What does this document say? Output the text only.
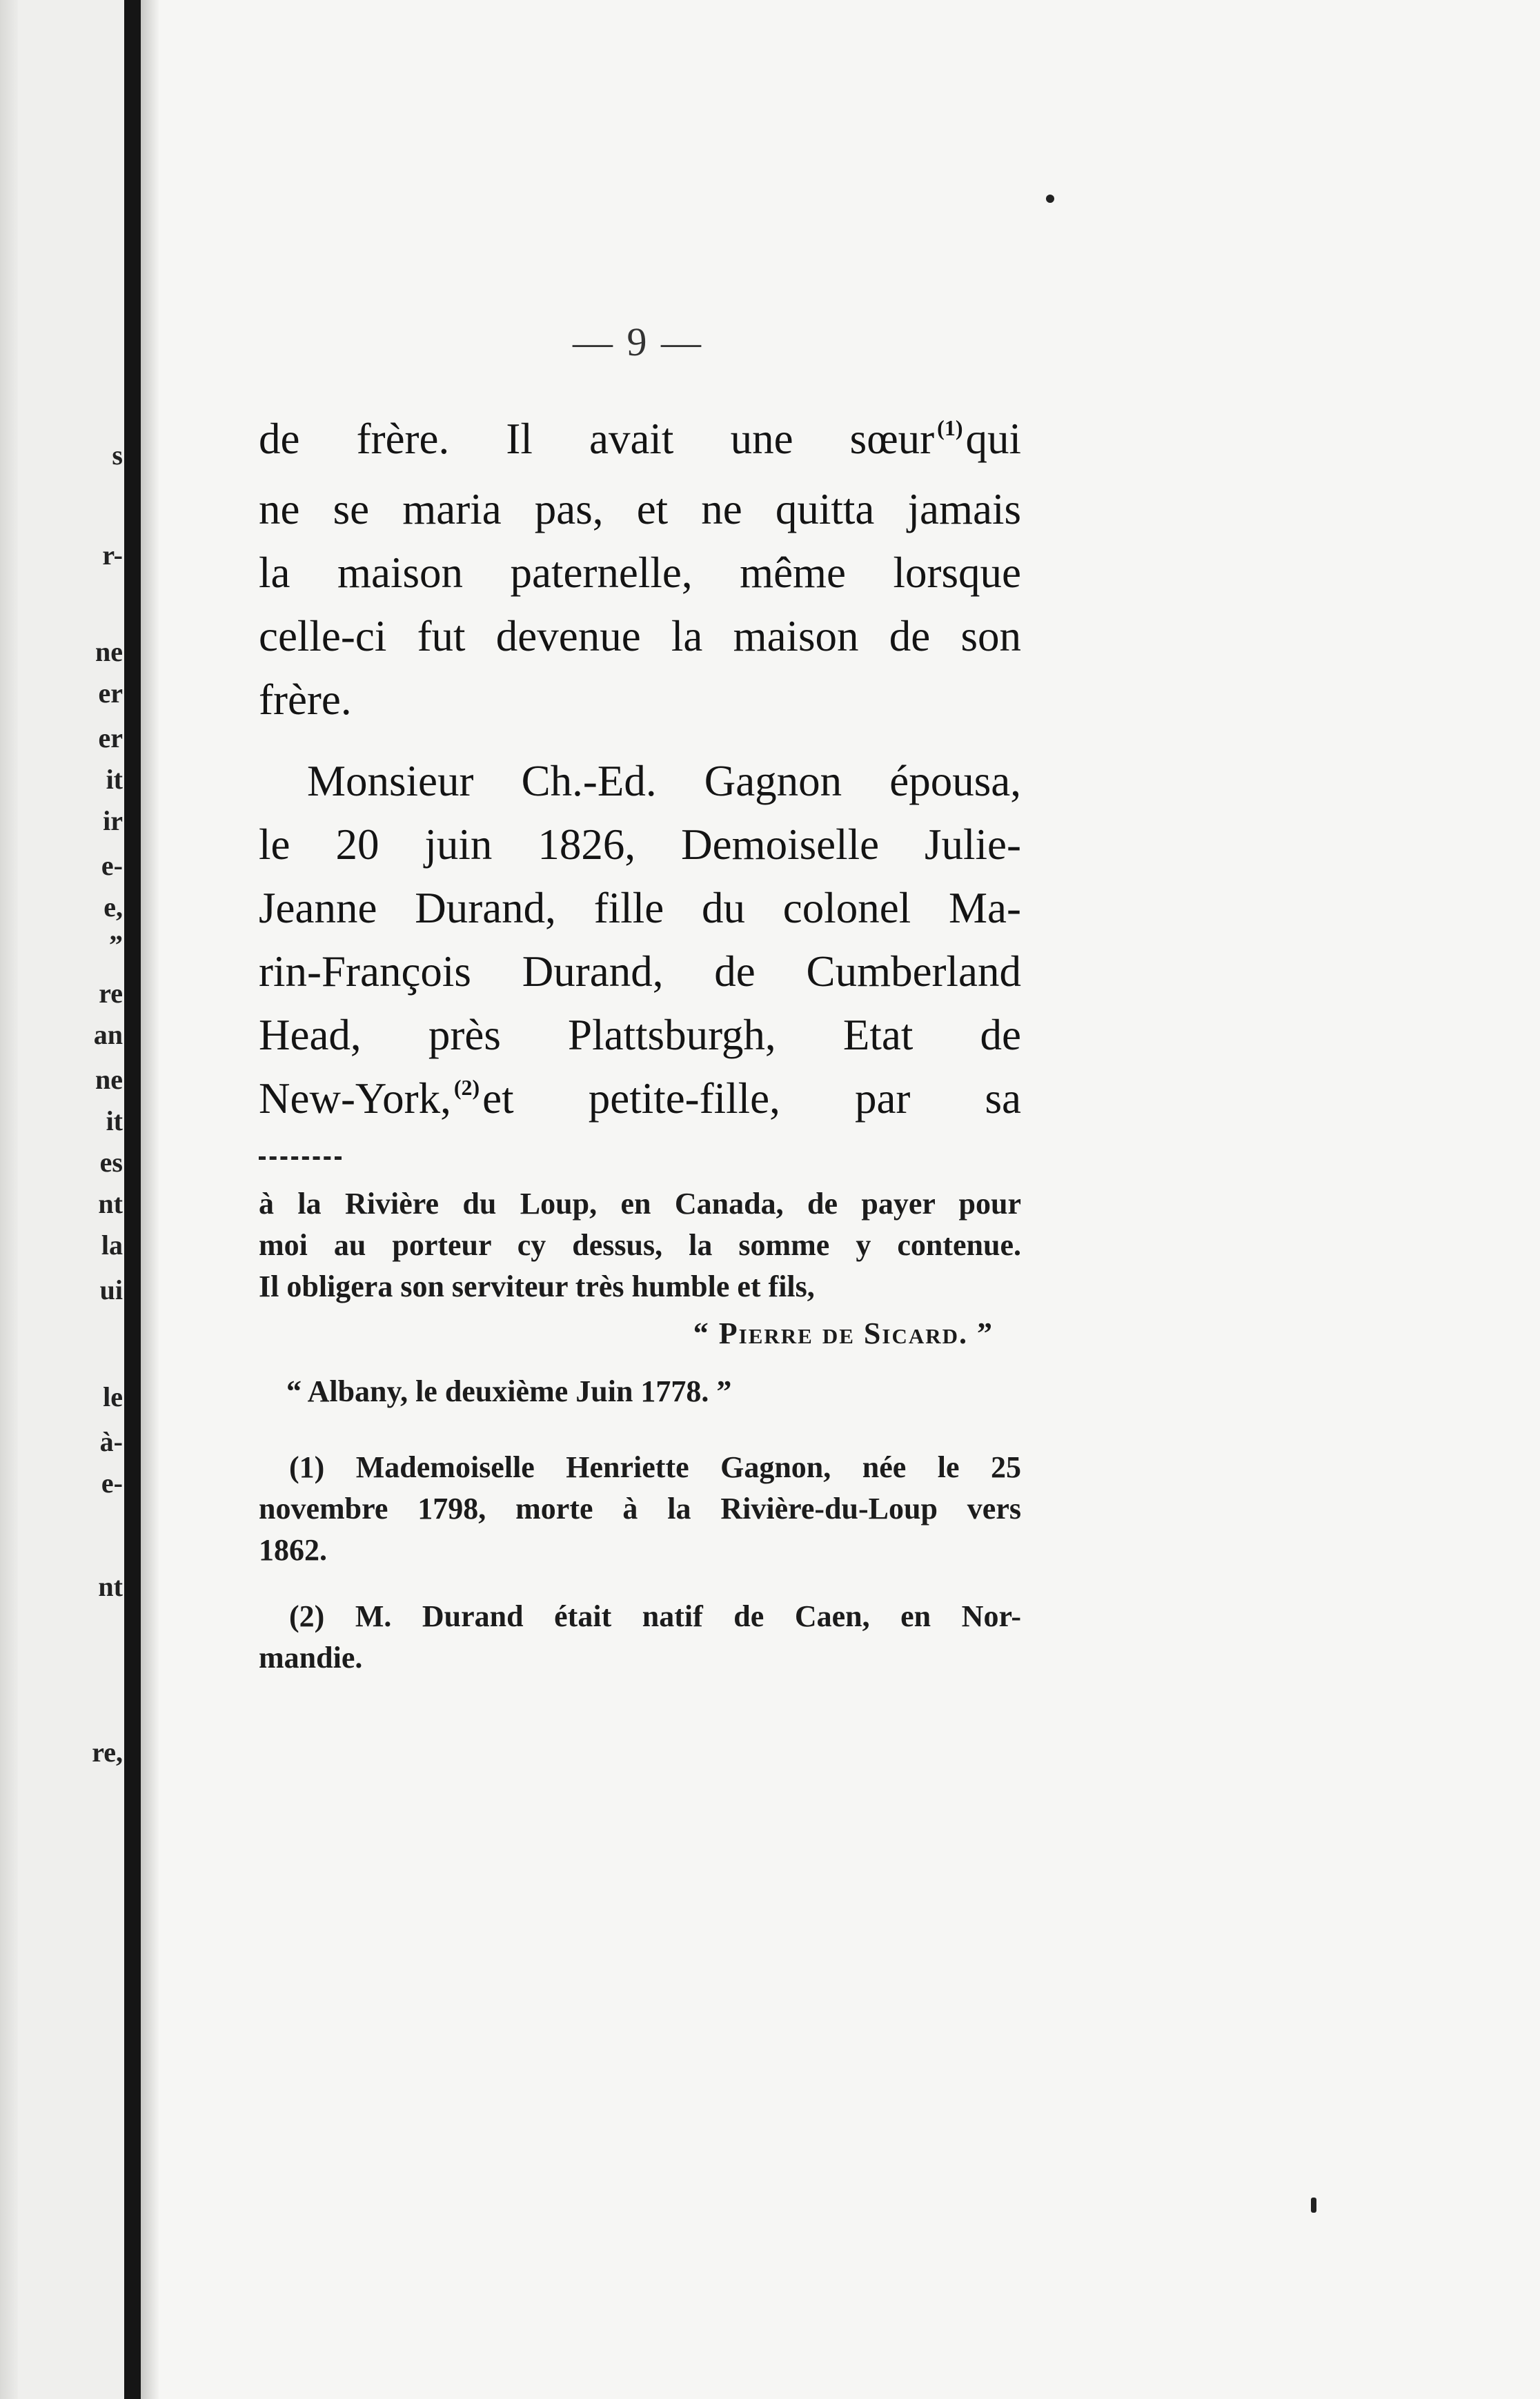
s
r-
ne
er
er
it
ir
e-
e,
”
re
an
ne
it
es
nt
la
ui
le
à-
e-
nt
re,
— 9 —

de frère. Il avait une sœur $^{(1)}$qui

ne se maria pas, et ne quitta jamais

la maison paternelle, même lorsque

celle-ci fut devenue la maison de son

frère.

Monsieur Ch.-Ed. Gagnon épousa,

le 20 juin 1826, Demoiselle Julie-

Jeanne Durand, fille du colonel Ma-

rin-François Durand, de Cumberland

Head, près Plattsburgh, Etat de

New-York, $^{(2)}$et petite-fille, par sa

à la Rivière du Loup, en Canada, de payer pour
moi au porteur cy dessus, la somme y contenue.
Il obligera son serviteur très humble et fils,
“ Pierre de Sicard. ”
“ Albany, le deuxième Juin 1778. ”
(1) Mademoiselle Henriette Gagnon, née le 25
novembre 1798, morte à la Rivière-du-Loup vers
1862.
(2) M. Durand était natif de Caen, en Nor-
mandie.
